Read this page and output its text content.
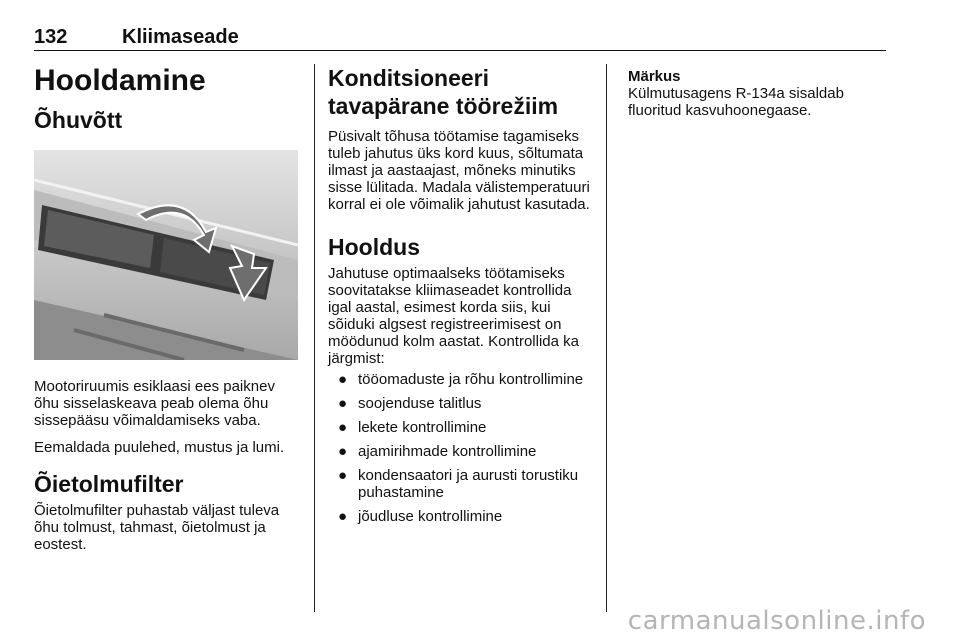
132	Kliimaseade
Hooldamine
Õhuvõtt

Mootoriruumis esiklaasi ees paiknev õhu sisselaskeava peab olema õhu sissepääsu võimaldamiseks vaba.

Eemaldada puulehed, mustus ja lumi.

Õietolmufilter

Õietolmufilter puhastab väljast tuleva õhu tolmust, tahmast, õietolmust ja eostest.

Konditsioneeri tavapärane töörežiim

Püsivalt tõhusa töötamise tagamiseks tuleb jahutus üks kord kuus, sõltumata ilmast ja aastaajast, mõneks minutiks sisse lülitada. Madala välistemperatuuri korral ei ole võimalik jahutust kasutada.

Hooldus

Jahutuse optimaalseks töötamiseks soovitatakse kliimaseadet kontrollida igal aastal, esimest korda siis, kui sõiduki algsest registreerimisest on möödunud kolm aastat. Kontrollida ka järgmist:

● tööomaduste ja rõhu kontrollimine
● soojenduse talitlus
● lekete kontrollimine
● ajamirihmade kontrollimine
● kondensaatori ja aurusti torustiku puhastamine
● jõudluse kontrollimine
Märkus
Külmutusagens R-134a sisaldab fluoritud kasvuhoonegaase.
carmanualsonline.info
